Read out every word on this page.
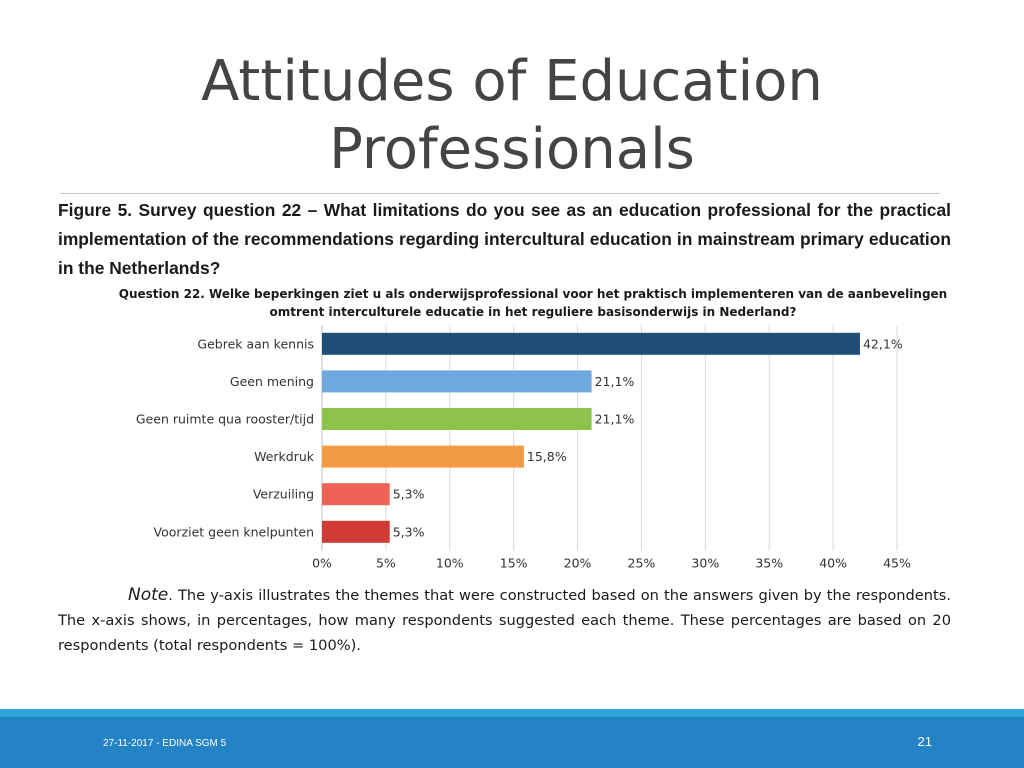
Attitudes of Education
Professionals
Figure 5. Survey question 22 – What limitations do you see as an education professional for the practical implementation of the recommendations regarding intercultural education in mainstream primary education in the Netherlands?
Question 22. Welke beperkingen ziet u als onderwijsprofessional voor het praktisch implementeren van de aanbevelingen
omtrent interculturele educatie in het reguliere basisonderwijs in Nederland?
Gebrek aan kennis
Geen mening
Geen ruimte qua rooster/tijd
Werkdruk
Verzuiling
Voorziet geen knelpunten
42,1%
21,1%
21,1%
15,8%
5,3%
5,3%
0%	5%	10%	15%	20%	25%	30%	35%	40%	45%
Note. The y-axis illustrates the themes that were constructed based on the answers given by the respondents. The x-axis shows, in percentages, how many respondents suggested each theme. These percentages are based on 20 respondents (total respondents = 100%).
27-11-2017 - EDINA SGM 5	21
